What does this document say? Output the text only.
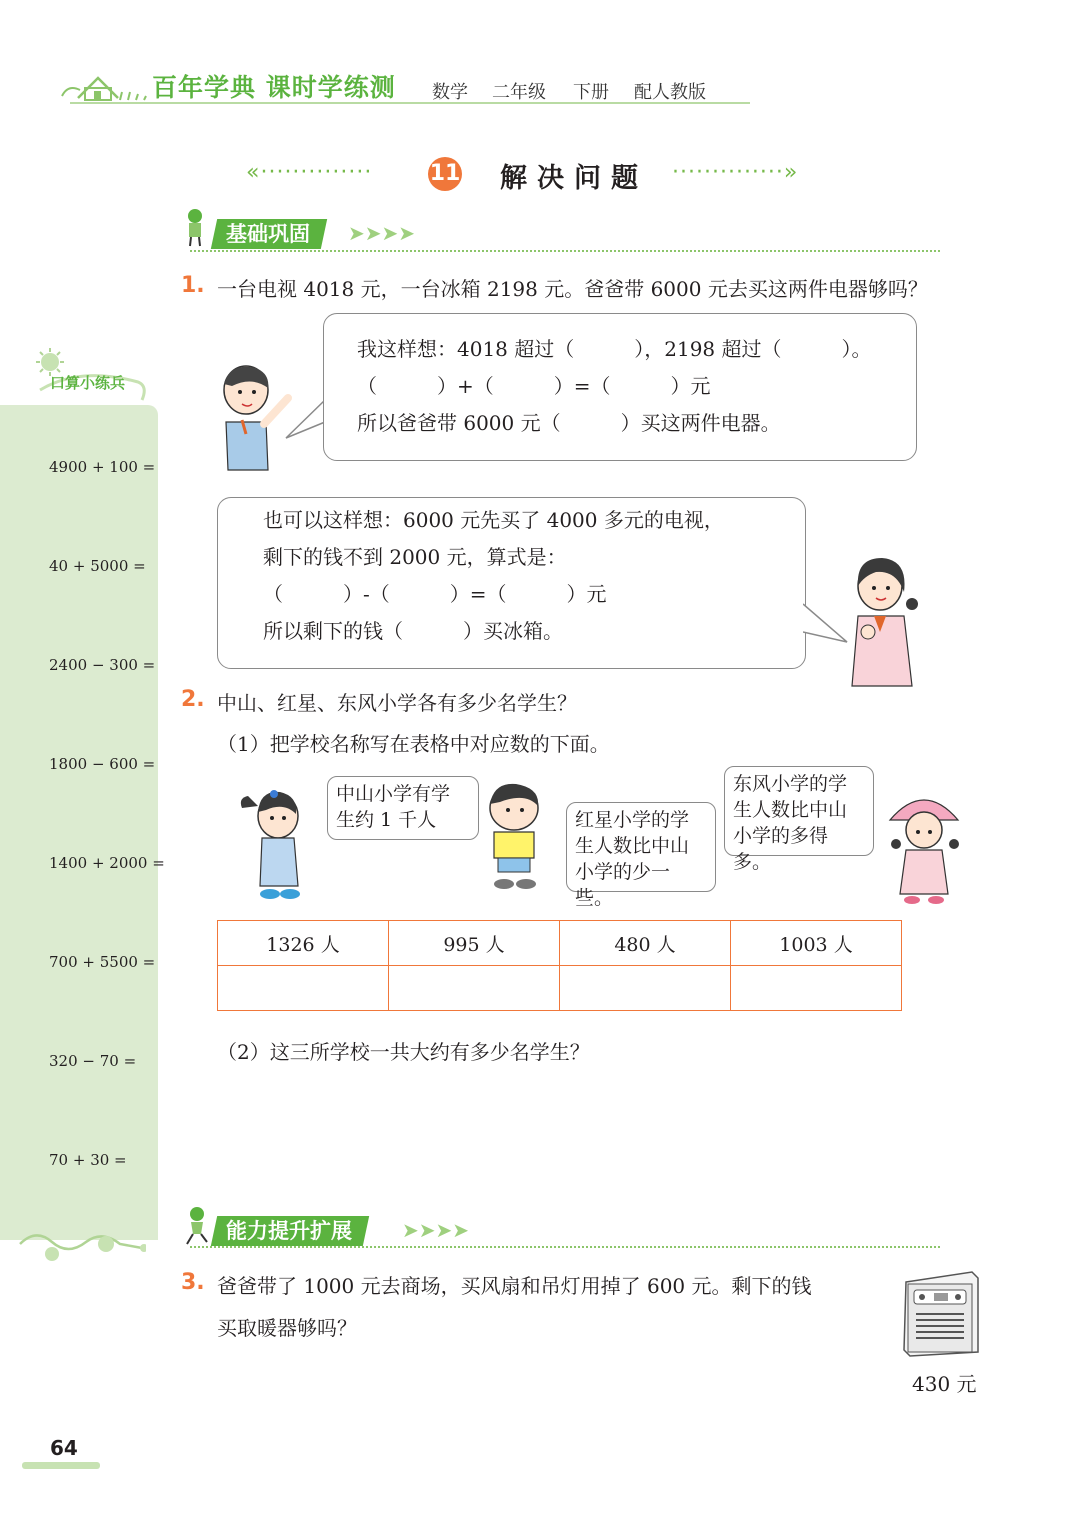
百年学典 课时学练测 数学 二年级 下册 配人教版
«··············	11 解决问题 ··············»
基础巩固	➤➤➤➤
1. 一台电视 4018 元，一台冰箱 2198 元。爸爸带 6000 元去买这两件电器够吗？
我这样想：4018 超过（　　　），2198 超过（　　　）。
（　　　）+（　　　）=（　　　）元
所以爸爸带 6000 元（　　　）买这两件电器。
也可以这样想：6000 元先买了 4000 多元的电视，
剩下的钱不到 2000 元，算式是：
（　　　）-（　　　）=（　　　）元
所以剩下的钱（　　　）买冰箱。
2. 中山、红星、东风小学各有多少名学生？
（1）把学校名称写在表格中对应数的下面。
中山小学有学
生约 1 千人	红星小学的学
生人数比中山
小学的少一些。
东风小学的学
生人数比中山
小学的多得多。
1326 人	995 人	480 人	1003 人

（2）这三所学校一共大约有多少名学生？
能力提升扩展	➤➤➤➤
3. 爸爸带了 1000 元去商场，买风扇和吊灯用掉了 600 元。剩下的钱
买取暖器够吗？
430 元
口算小练兵
4900 + 100 =
40 + 5000 =
2400 − 300 =
1800 − 600 =
1400 + 2000 =
700 + 5500 =
320 − 70 =
70 + 30 =
64
